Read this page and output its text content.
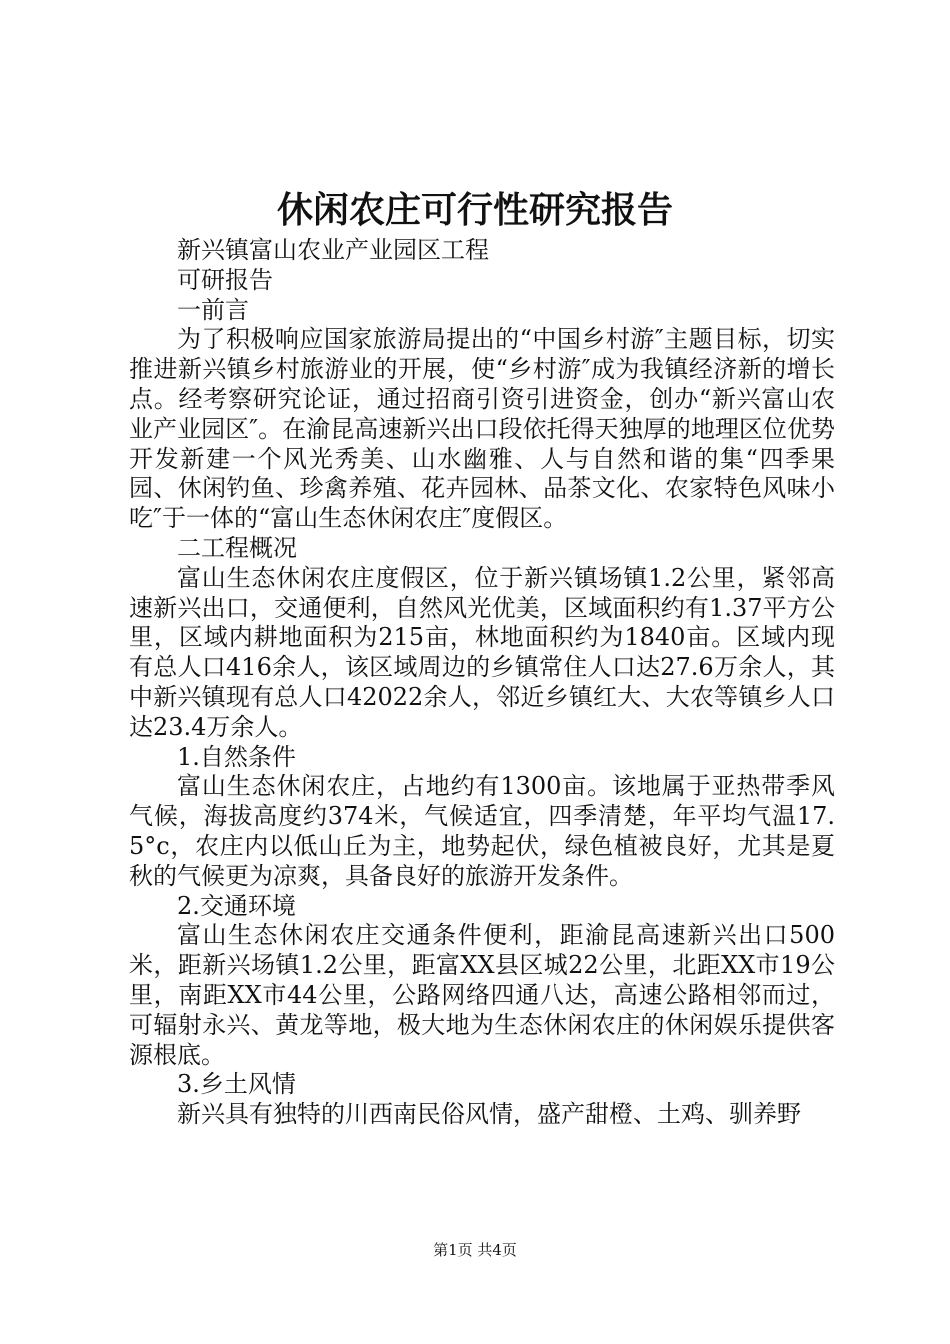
休闲农庄可行性研究报告

新兴镇富山农业产业园区工程

可研报告

一前言

为了积极响应国家旅游局提出的“中国乡村游″主题目标，切实推进新兴镇乡村旅游业的开展，使“乡村游″成为我镇经济新的增长点。经考察研究论证，通过招商引资引进资金，创办“新兴富山农业产业园区″。在渝昆高速新兴出口段依托得天独厚的地理区位优势开发新建一个风光秀美、山水幽雅、人与自然和谐的集“四季果园、休闲钓鱼、珍禽养殖、花卉园林、品茶文化、农家特色风味小吃″于一体的“富山生态休闲农庄″度假区。

二工程概况

富山生态休闲农庄度假区，位于新兴镇场镇1.2公里，紧邻高速新兴出口，交通便利，自然风光优美，区域面积约有1.37平方公里，区域内耕地面积为215亩，林地面积约为1840亩。区域内现有总人口416余人，该区域周边的乡镇常住人口达27.6万余人，其中新兴镇现有总人口42022余人，邻近乡镇红大、大农等镇乡人口达23.4万余人。

1.自然条件

富山生态休闲农庄，占地约有1300亩。该地属于亚热带季风气候，海拔高度约374米，气候适宜，四季清楚，年平均气温17.5°c，农庄内以低山丘为主，地势起伏，绿色植被良好，尤其是夏秋的气候更为凉爽，具备良好的旅游开发条件。

2.交通环境

富山生态休闲农庄交通条件便利，距渝昆高速新兴出口500米，距新兴场镇1.2公里，距富XX县区城22公里，北距XX市19公里，南距XX市44公里，公路网络四通八达，高速公路相邻而过，可辐射永兴、黄龙等地，极大地为生态休闲农庄的休闲娱乐提供客源根底。

3.乡土风情

新兴具有独特的川西南民俗风情，盛产甜橙、土鸡、驯养野

第1页 共4页
